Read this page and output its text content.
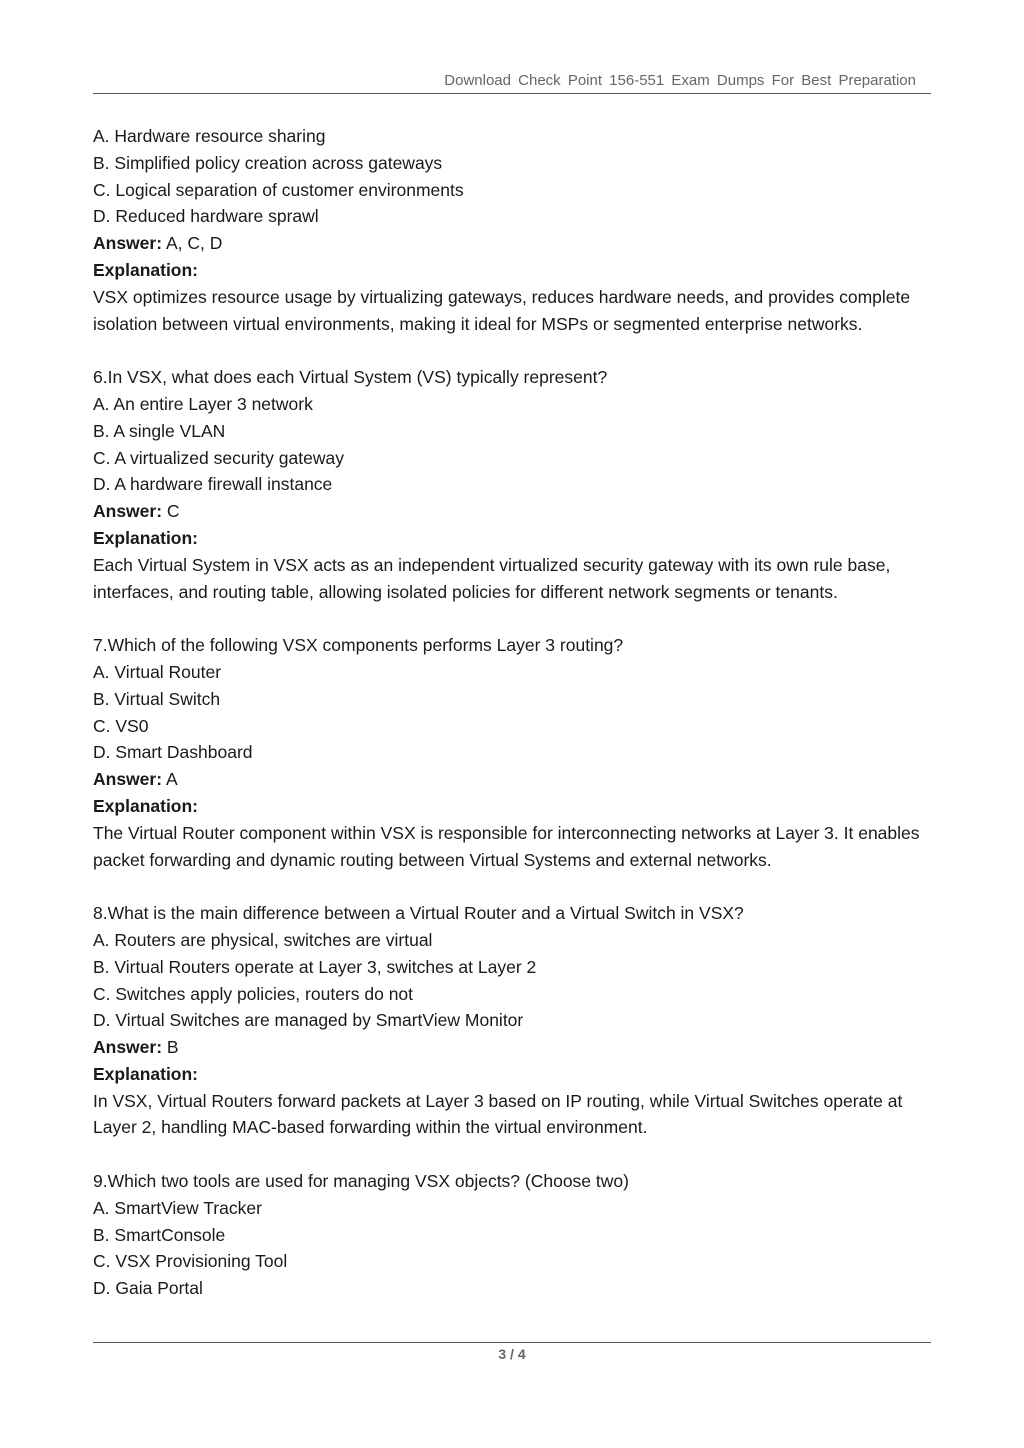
Download Check Point 156-551 Exam Dumps For Best Preparation

A. Hardware resource sharing

B. Simplified policy creation across gateways

C. Logical separation of customer environments

D. Reduced hardware sprawl

Answer: A, C, D

Explanation:

VSX optimizes resource usage by virtualizing gateways, reduces hardware needs, and provides complete isolation between virtual environments, making it ideal for MSPs or segmented enterprise networks.

6.In VSX, what does each Virtual System (VS) typically represent?

A. An entire Layer 3 network

B. A single VLAN

C. A virtualized security gateway

D. A hardware firewall instance

Answer: C

Explanation:

Each Virtual System in VSX acts as an independent virtualized security gateway with its own rule base, interfaces, and routing table, allowing isolated policies for different network segments or tenants.

7.Which of the following VSX components performs Layer 3 routing?

A. Virtual Router

B. Virtual Switch

C. VS0

D. Smart Dashboard

Answer: A

Explanation:

The Virtual Router component within VSX is responsible for interconnecting networks at Layer 3. It enables packet forwarding and dynamic routing between Virtual Systems and external networks.

8.What is the main difference between a Virtual Router and a Virtual Switch in VSX?

A. Routers are physical, switches are virtual

B. Virtual Routers operate at Layer 3, switches at Layer 2

C. Switches apply policies, routers do not

D. Virtual Switches are managed by SmartView Monitor

Answer: B

Explanation:

In VSX, Virtual Routers forward packets at Layer 3 based on IP routing, while Virtual Switches operate at Layer 2, handling MAC-based forwarding within the virtual environment.

9.Which two tools are used for managing VSX objects? (Choose two)

A. SmartView Tracker

B. SmartConsole

C. VSX Provisioning Tool

D. Gaia Portal

3 / 4
